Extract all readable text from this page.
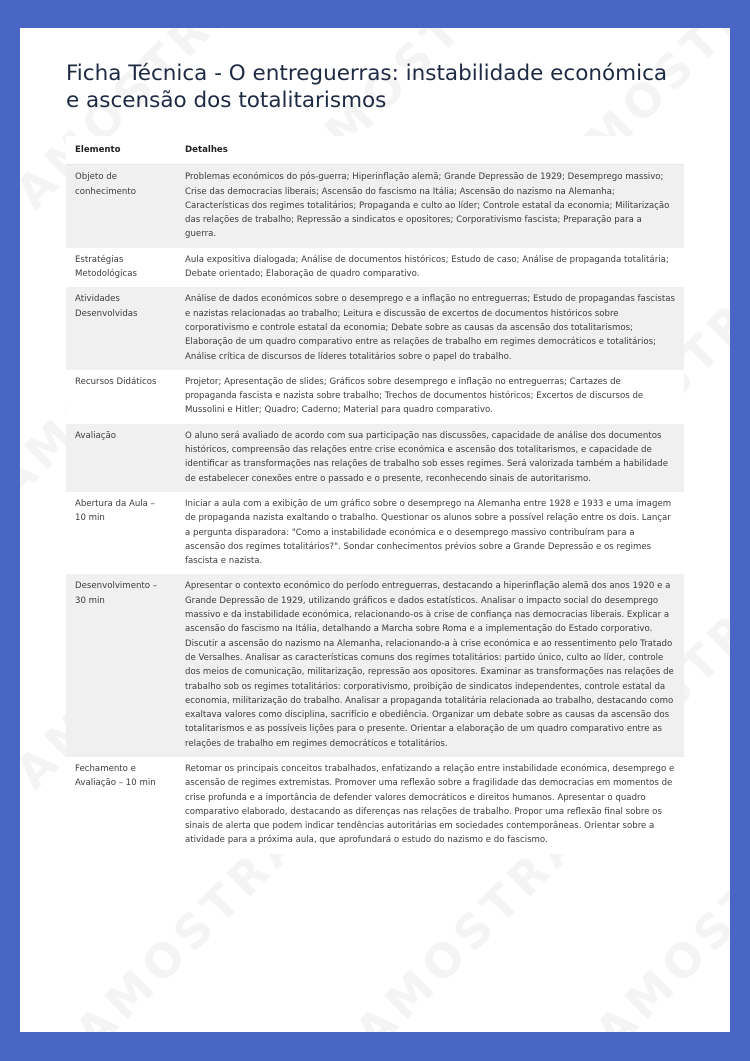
Ficha Técnica - O entreguerras: instabilidade económica e ascensão dos totalitarismos
Elemento	Detalhes
Objeto de conhecimento	Problemas económicos do pós-guerra; Hiperinflação alemã; Grande Depressão de 1929; Desemprego massivo; Crise das democracias liberais; Ascensão do fascismo na Itália; Ascensão do nazismo na Alemanha; Características dos regimes totalitários; Propaganda e culto ao líder; Controle estatal da economia; Militarização das relações de trabalho; Repressão a sindicatos e opositores; Corporativismo fascista; Preparação para a guerra.
Estratégias Metodológicas	Aula expositiva dialogada; Análise de documentos históricos; Estudo de caso; Análise de propaganda totalitária; Debate orientado; Elaboração de quadro comparativo.
Atividades Desenvolvidas	Análise de dados económicos sobre o desemprego e a inflação no entreguerras; Estudo de propagandas fascistas e nazistas relacionadas ao trabalho; Leitura e discussão de excertos de documentos históricos sobre corporativismo e controle estatal da economia; Debate sobre as causas da ascensão dos totalitarismos; Elaboração de um quadro comparativo entre as relações de trabalho em regimes democráticos e totalitários; Análise crítica de discursos de líderes totalitários sobre o papel do trabalho.
Recursos Didáticos	Projetor; Apresentação de slides; Gráficos sobre desemprego e inflação no entreguerras; Cartazes de propaganda fascista e nazista sobre trabalho; Trechos de documentos históricos; Excertos de discursos de Mussolini e Hitler; Quadro; Caderno; Material para quadro comparativo.
Avaliação	O aluno será avaliado de acordo com sua participação nas discussões, capacidade de análise dos documentos históricos, compreensão das relações entre crise económica e ascensão dos totalitarismos, e capacidade de identificar as transformações nas relações de trabalho sob esses regimes. Será valorizada também a habilidade de estabelecer conexões entre o passado e o presente, reconhecendo sinais de autoritarismo.
Abertura da Aula – 10 min	Iniciar a aula com a exibição de um gráfico sobre o desemprego na Alemanha entre 1928 e 1933 e uma imagem de propaganda nazista exaltando o trabalho. Questionar os alunos sobre a possível relação entre os dois. Lançar a pergunta disparadora: "Como a instabilidade económica e o desemprego massivo contribuíram para a ascensão dos regimes totalitários?". Sondar conhecimentos prévios sobre a Grande Depressão e os regimes fascista e nazista.
Desenvolvimento – 30 min	Apresentar o contexto económico do período entreguerras, destacando a hiperinflação alemã dos anos 1920 e a Grande Depressão de 1929, utilizando gráficos e dados estatísticos. Analisar o impacto social do desemprego massivo e da instabilidade económica, relacionando-os à crise de confiança nas democracias liberais. Explicar a ascensão do fascismo na Itália, detalhando a Marcha sobre Roma e a implementação do Estado corporativo. Discutir a ascensão do nazismo na Alemanha, relacionando-a à crise económica e ao ressentimento pelo Tratado de Versalhes. Analisar as características comuns dos regimes totalitários: partido único, culto ao líder, controle dos meios de comunicação, militarização, repressão aos opositores. Examinar as transformações nas relações de trabalho sob os regimes totalitários: corporativismo, proibição de sindicatos independentes, controle estatal da economia, militarização do trabalho. Analisar a propaganda totalitária relacionada ao trabalho, destacando como exaltava valores como disciplina, sacrifício e obediência. Organizar um debate sobre as causas da ascensão dos totalitarismos e as possíveis lições para o presente. Orientar a elaboração de um quadro comparativo entre as relações de trabalho em regimes democráticos e totalitários.
Fechamento e Avaliação – 10 min	Retomar os principais conceitos trabalhados, enfatizando a relação entre instabilidade económica, desemprego e ascensão de regimes extremistas. Promover uma reflexão sobre a fragilidade das democracias em momentos de crise profunda e a importância de defender valores democráticos e direitos humanos. Apresentar o quadro comparativo elaborado, destacando as diferenças nas relações de trabalho. Propor uma reflexão final sobre os sinais de alerta que podem indicar tendências autoritárias em sociedades contemporâneas. Orientar sobre a atividade para a próxima aula, que aprofundará o estudo do nazismo e do fascismo.
